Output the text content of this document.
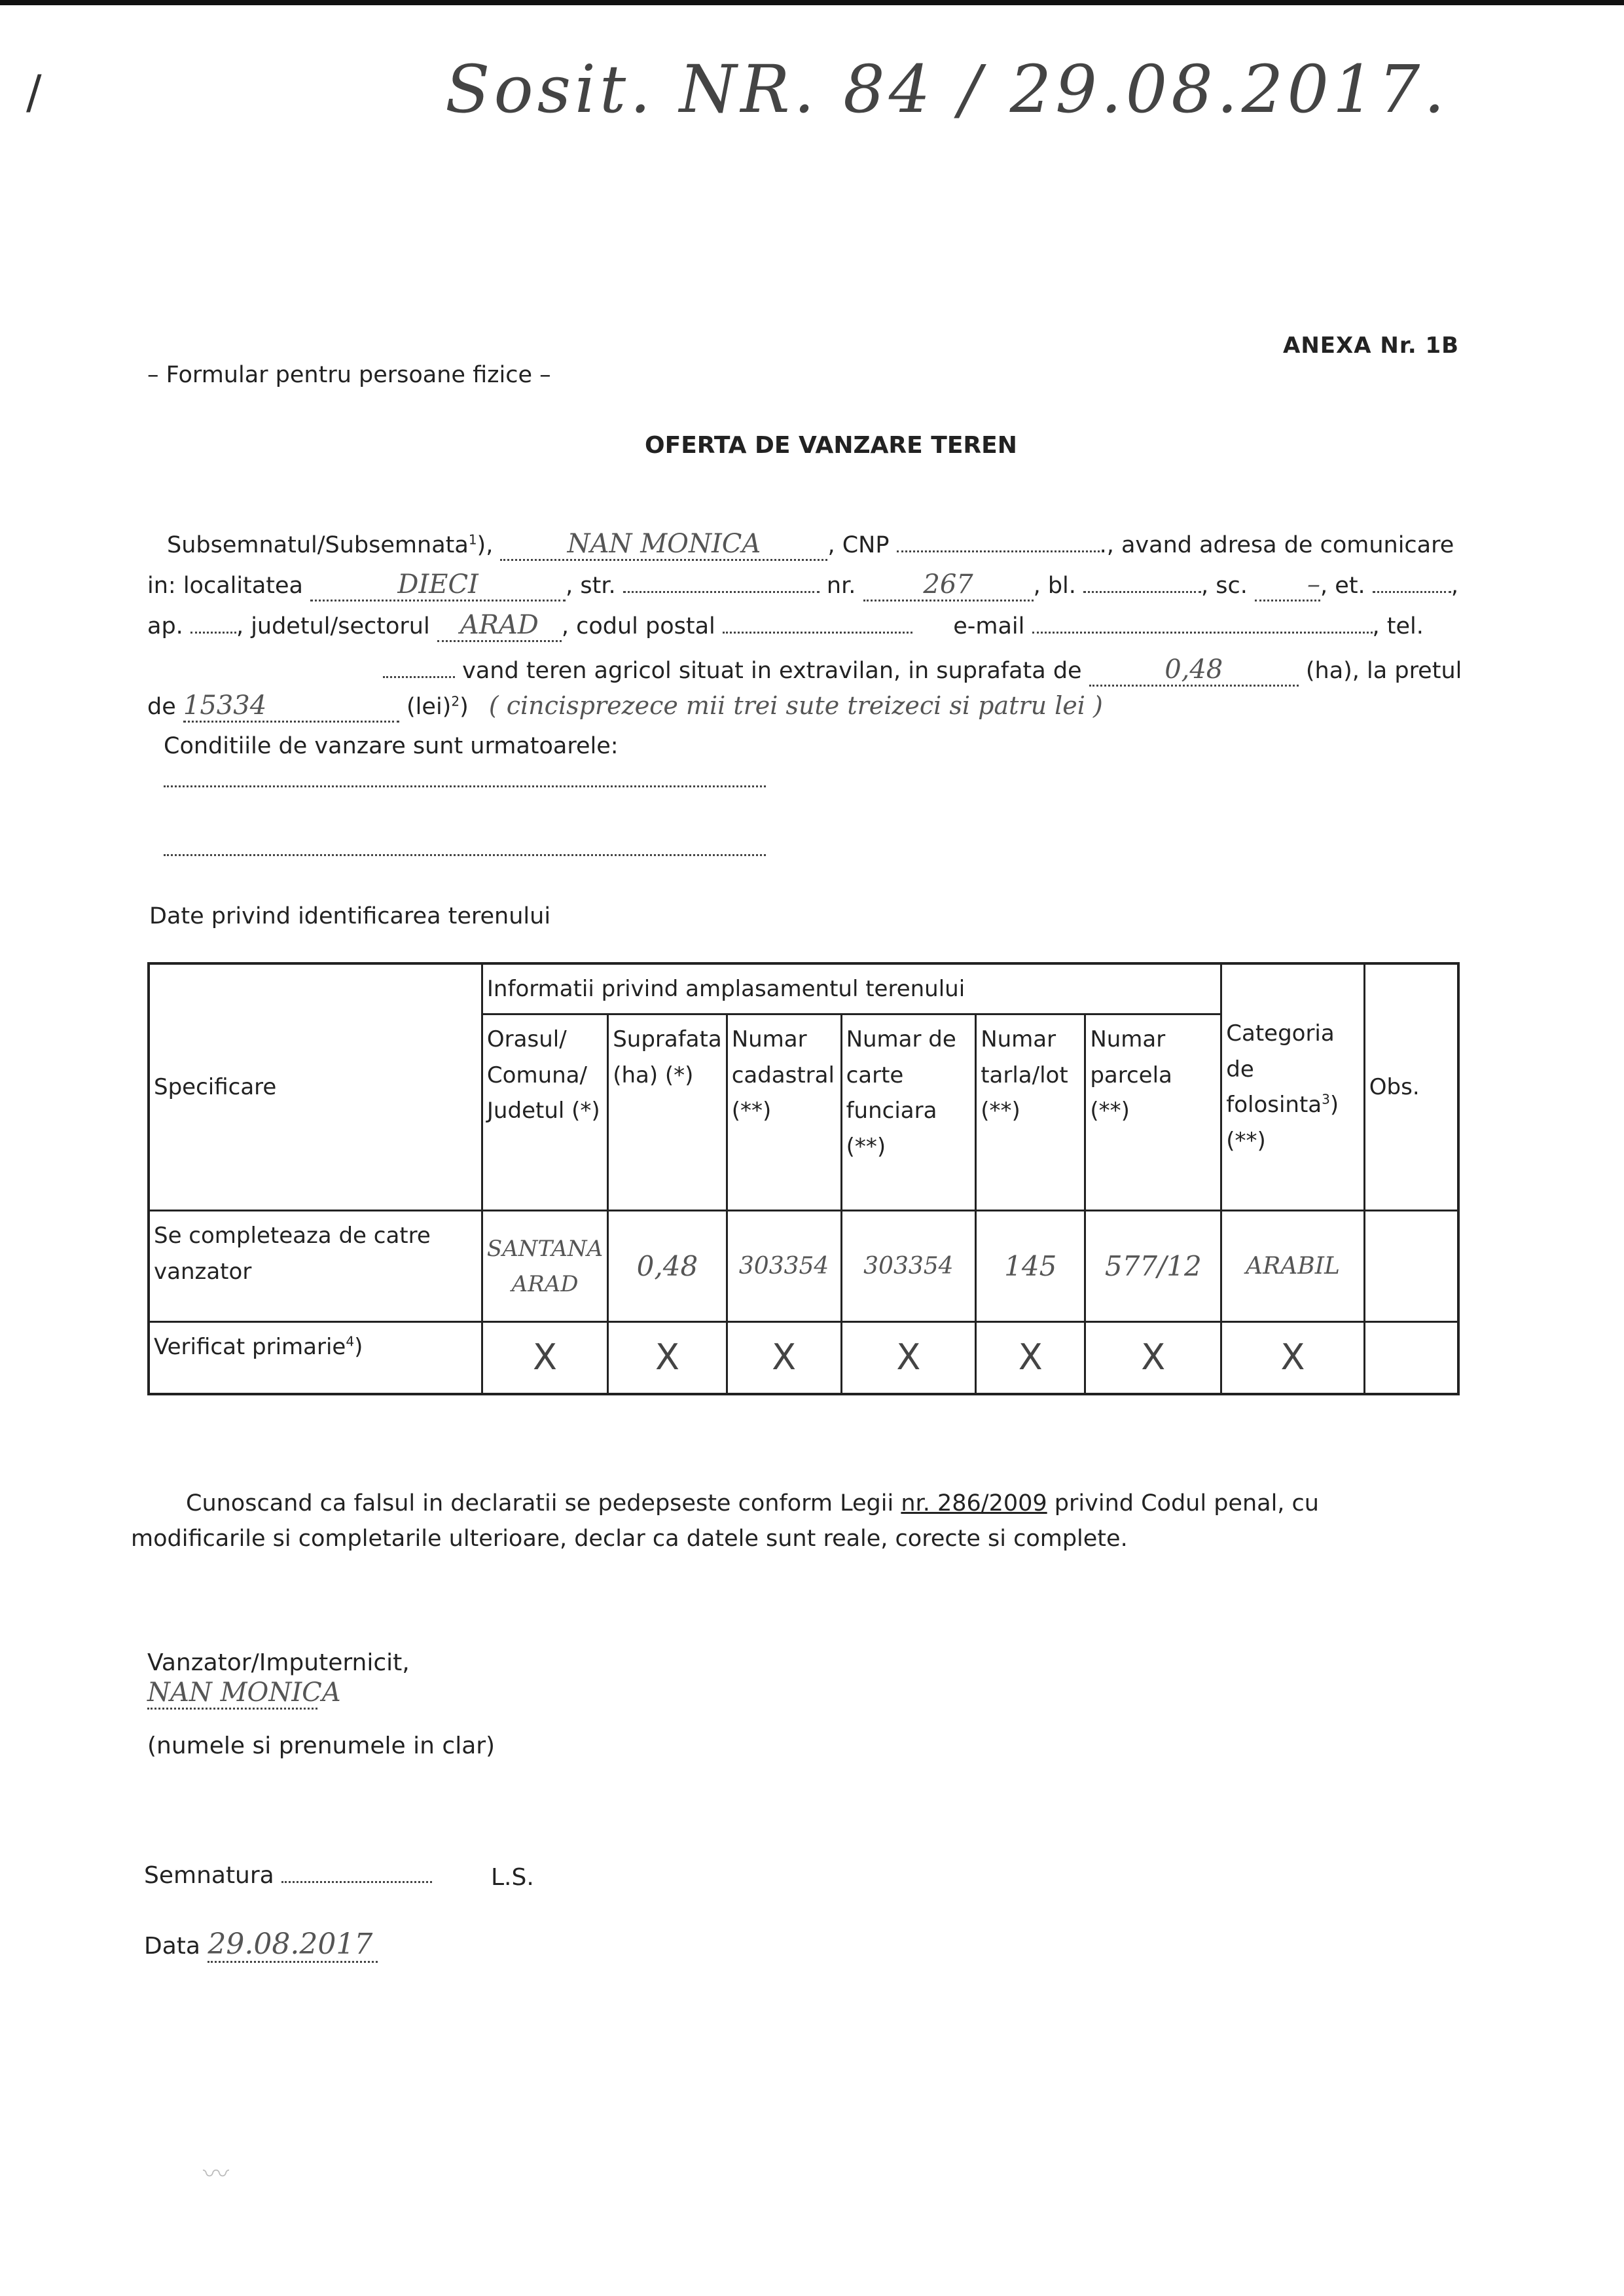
/	Sosit. NR. 84 / 29.08.2017.
ANEXA Nr. 1B
– Formular pentru persoane fizice –
OFERTA DE VANZARE TEREN
Subsemnatul/Subsemnata$^1$),	NAN MONICA	, CNP	., avand adresa de comunicare
in: localitatea	DIECI	, str.	nr.	267	, bl.	, sc. –, et.	,
ap. , judetul/sectorul ARAD , codul postal	e-mail	, tel.
vand teren agricol situat in extravilan, in suprafata de	0,48	(ha), la pretul
de 15334	(lei)$^2$) ( cincisprezece mii trei sute treizeci si patru lei )
Conditiile de vanzare sunt urmatoarele:
Date privind identificarea terenului
Specificare	Informatii privind amplasamentul terenului						Categoria de folosinta$^3$) (**)	Obs.
	Orasul/ Comuna/ Judetul (*)	Suprafata (ha) (*)	Numar cadastral (**)	Numar de carte funciara (**)	Numar tarla/lot (**)	Numar parcela (**)		
Se completeaza de catre vanzator	SANTANA ARAD	0,48	303354	303354	145	577/12	ARABIL	
Verificat primarie$^4$)	X	X	X	X	X	X	X	
Cunoscand ca falsul in declaratii se pedepseste conform Legii nr. 286/2009 privind Codul penal, cu modificarile si completarile ulterioare, declar ca datele sunt reale, corecte si complete.
Vanzator/Imputernicit,
NAN MONICA
(numele si prenumele in clar)
Semnatura	L.S.
Data 29.08.2017
〰
